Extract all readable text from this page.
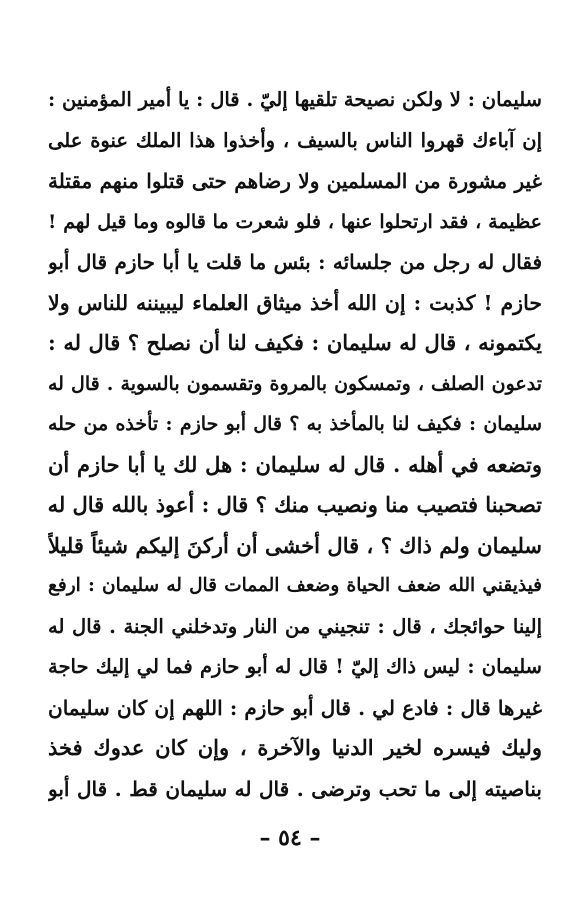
سليمان : لا ولكن نصيحة تلقيها إليّ . قال : يا أمير المؤمنين :
إن آباءك قهروا الناس بالسيف ، وأخذوا هذا الملك عنوة على
غير مشورة من المسلمين ولا رضاهم حتى قتلوا منهم مقتلة
عظيمة ، فقد ارتحلوا عنها ، فلو شعرت ما قالوه وما قيل لهم !
فقال له رجل من جلسائه : بئس ما قلت يا أبا حازم قال أبو
حازم ! كذبت : إن الله أخذ ميثاق العلماء ليبيننه للناس ولا
يكتمونه ، قال له سليمان : فكيف لنا أن نصلح ؟ قال له :
تدعون الصلف ، وتمسكون بالمروة وتقسمون بالسوية . قال له
سليمان : فكيف لنا بالمأخذ به ؟ قال أبو حازم : تأخذه من حله
وتضعه في أهله . قال له سليمان : هل لك يا أبا حازم أن
تصحبنا فتصيب منا ونصيب منك ؟ قال : أعوذ بالله قال له
سليمان ولم ذاك ؟ ، قال أخشى أن أركنَ إليكم شيئاً قليلاً
فيذيقني الله ضعف الحياة وضعف الممات قال له سليمان : ارفع
إلينا حوائجك ، قال : تنجيني من النار وتدخلني الجنة . قال له
سليمان : ليس ذاك إليّ ! قال له أبو حازم فما لي إليك حاجة
غيرها قال : فادع لي . قال أبو حازم : اللهم إن كان سليمان
وليك فيسره لخير الدنيا والآخرة ، وإن كان عدوك فخذ
بناصيته إلى ما تحب وترضى . قال له سليمان قط . قال أبو
– ٥٤ –
